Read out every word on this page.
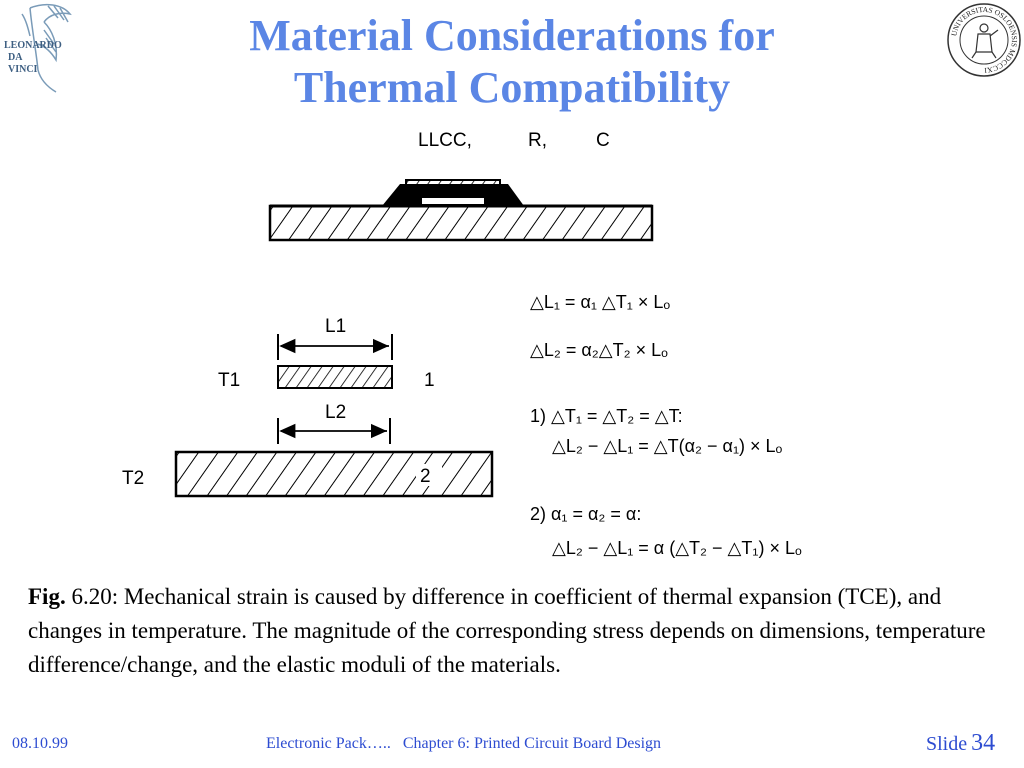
LEONARDO
DA
VINCI
UNIVERSITAS OSLOENSIS MDCCCXI
Material Considerations for
Thermal Compatibility
LLCC,	R,	C
L1
1
T1
L2
2
T2
△L₁ = α₁ △T₁ × Lₒ
△L₂ = α₂△T₂ × Lₒ
1) △T₁ = △T₂ = △T:
△L₂ − △L₁ = △T(α₂ − α₁) × Lₒ
2) α₁ = α₂ = α:
△L₂ − △L₁ = α (△T₂ − △T₁) × Lₒ
Fig. 6.20: Mechanical strain is caused by difference in coefficient of thermal expansion (TCE), and changes in temperature. The magnitude of the corresponding stress depends on dimensions, temperature difference/change, and the elastic moduli of the materials.
08.10.99	Electronic Pack…..   Chapter 6: Printed Circuit Board Design	Slide 34
